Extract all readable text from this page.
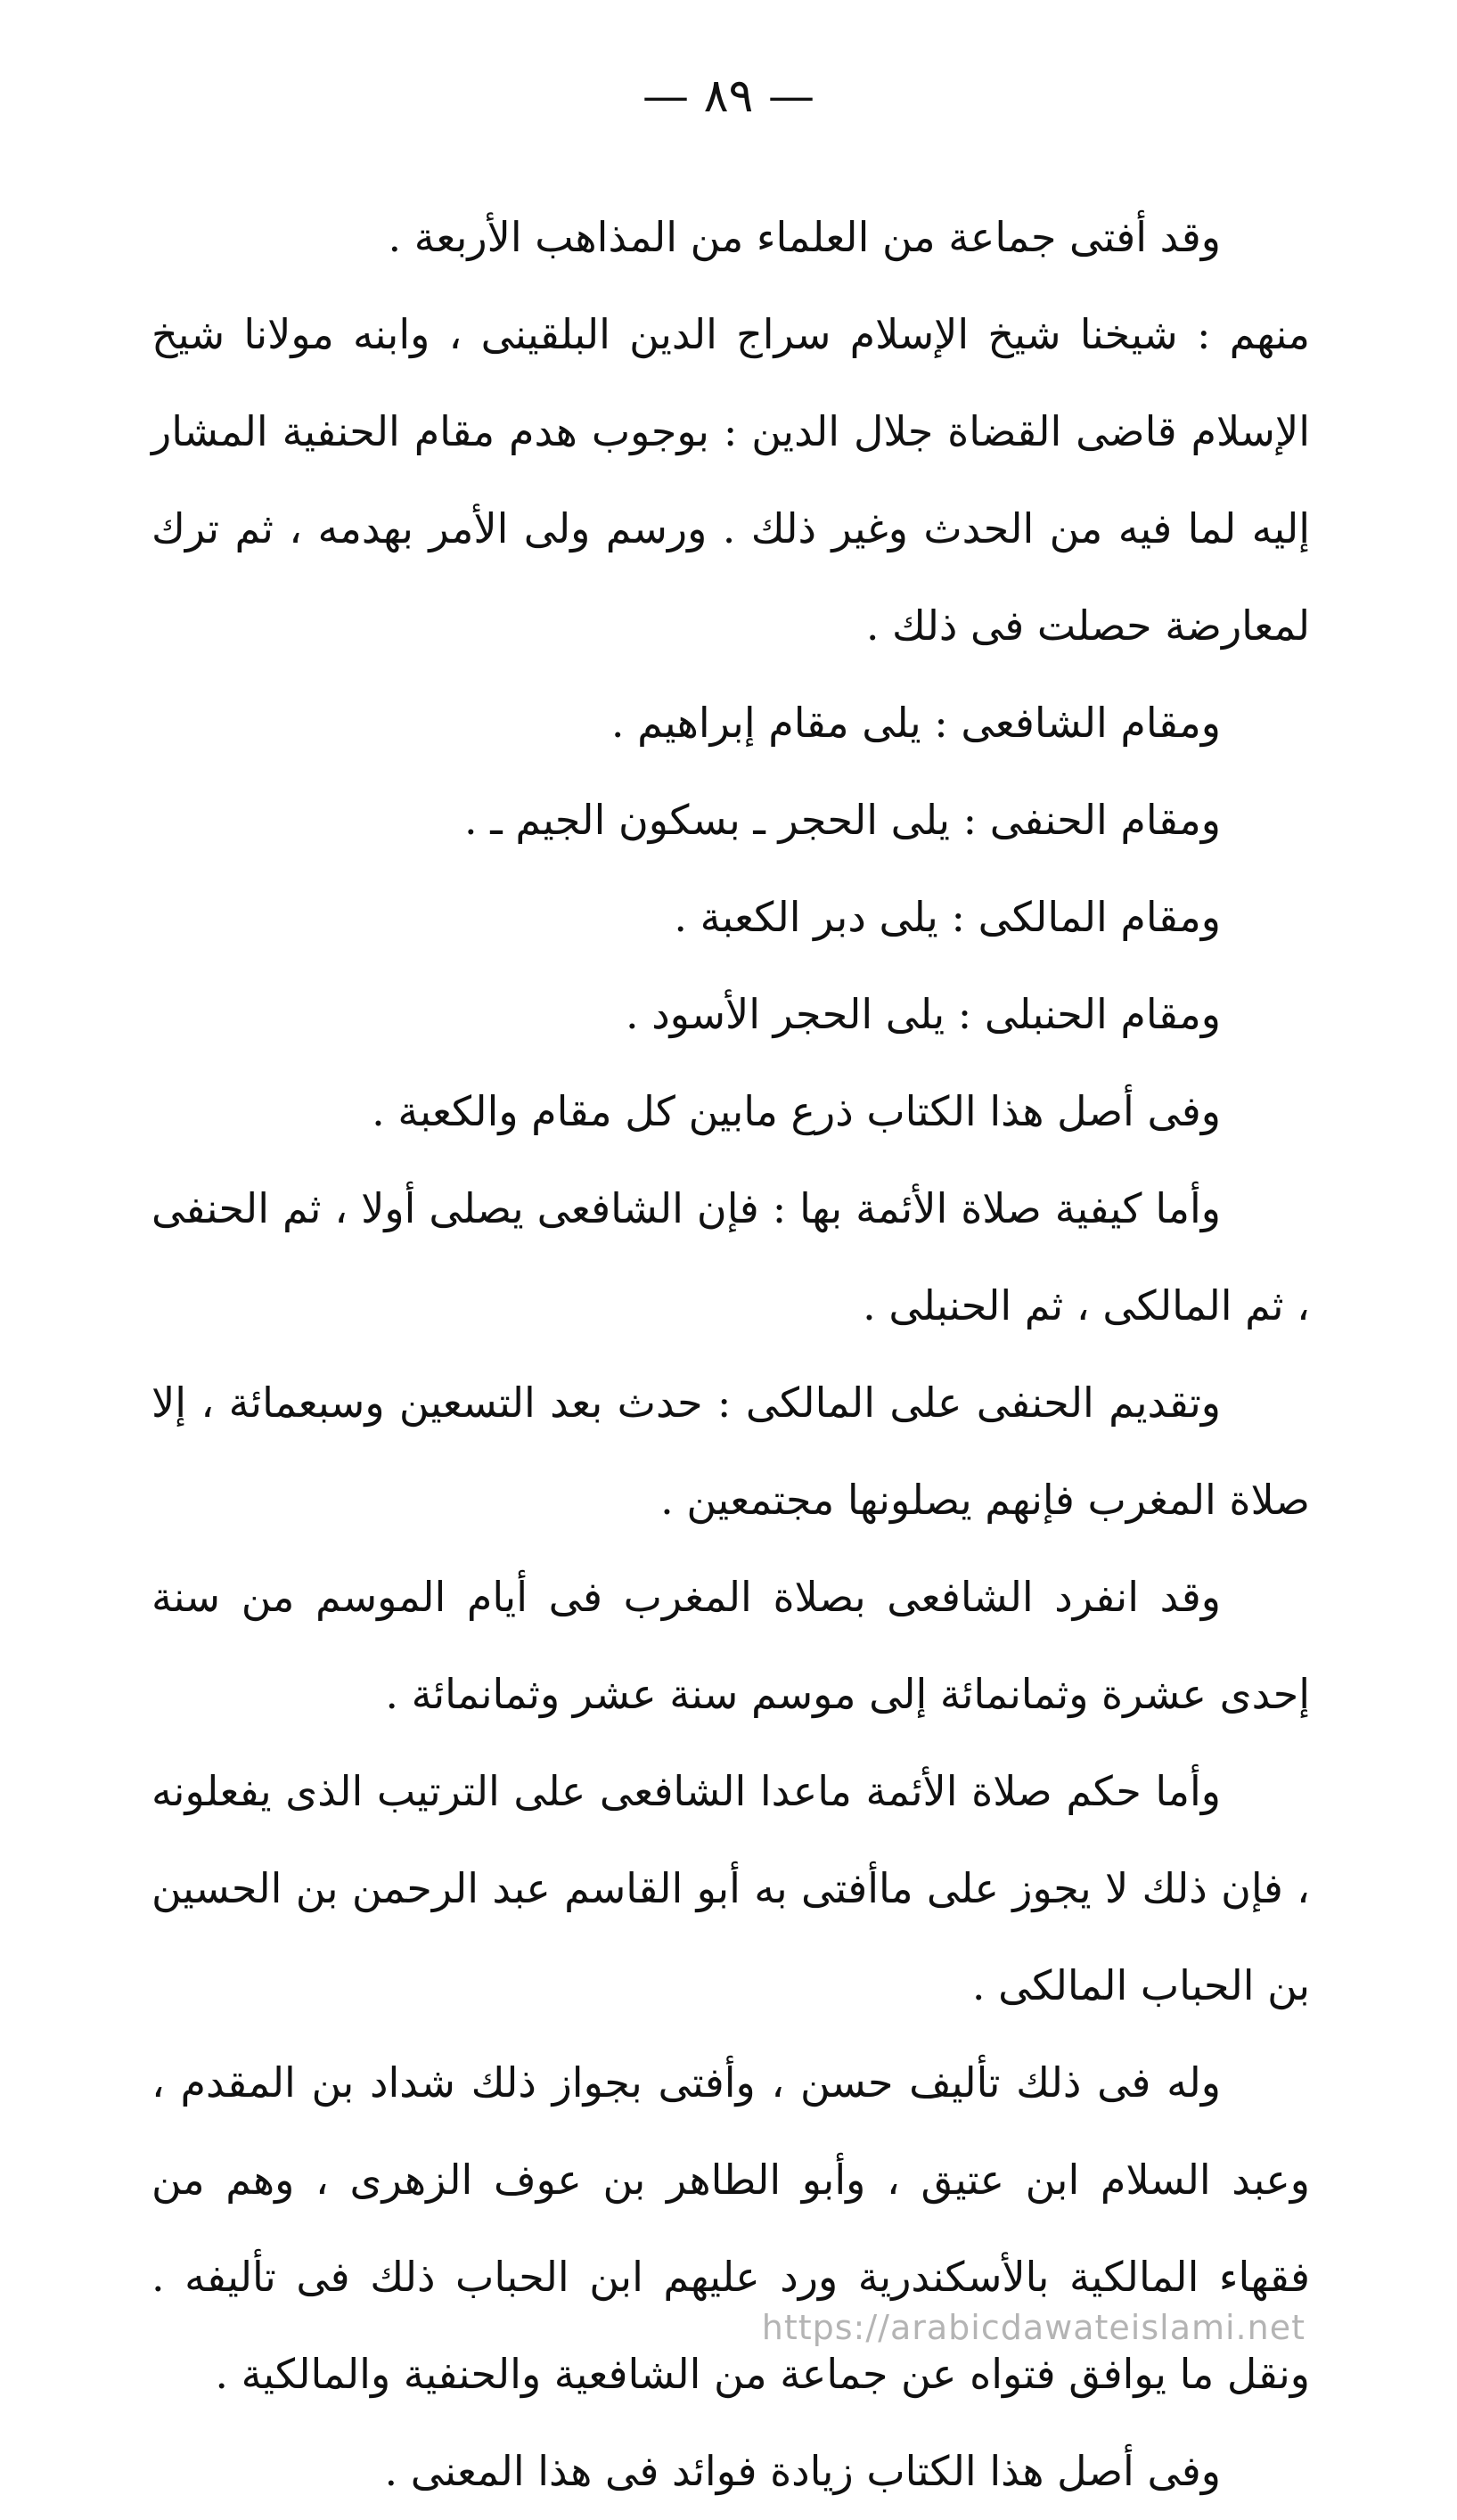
— ٨٩ —

وقد أفتى جماعة من العلماء من المذاهب الأربعة .

منهم : شيخنا شيخ الإسلام سراج الدين البلقينى ، وابنه مولانا شيخ الإسلام قاضى القضاة جلال الدين : بوجوب هدم مقام الحنفية المشار إليه لما فيه من الحدث وغير ذلك . ورسم ولى الأمر بهدمه ، ثم ترك لمعارضة حصلت فى ذلك .

ومقام الشافعى : يلى مقام إبراهيم .

ومقام الحنفى : يلى الحجر ـ بسكون الجيم ـ .

ومقام المالكى : يلى دبر الكعبة .

ومقام الحنبلى : يلى الحجر الأسود .

وفى أصل هذا الكتاب ذرع مابين كل مقام والكعبة .

وأما كيفية صلاة الأئمة بها : فإن الشافعى يصلى أولا ، ثم الحنفى ، ثم المالكى ، ثم الحنبلى .

وتقديم الحنفى على المالكى : حدث بعد التسعين وسبعمائة ، إلا صلاة المغرب فإنهم يصلونها مجتمعين .

وقد انفرد الشافعى بصلاة المغرب فى أيام الموسم من سنة إحدى عشرة وثمانمائة إلى موسم سنة عشر وثمانمائة .

وأما حكم صلاة الأئمة ماعدا الشافعى على الترتيب الذى يفعلونه ، فإن ذلك لا يجوز على ماأفتى به أبو القاسم عبد الرحمن بن الحسين بن الحباب المالكى .

وله فى ذلك تأليف حسن ، وأفتى بجواز ذلك شداد بن المقدم ، وعبد السلام ابن عتيق ، وأبو الطاهر بن عوف الزهرى ، وهم من فقهاء المالكية بالأسكندرية ورد عليهم ابن الحباب ذلك فى تأليفه . ونقل ما يوافق فتواه عن جماعة من الشافعية والحنفية والمالكية .

وفى أصل هذا الكتاب زيادة فوائد فى هذا المعنى .

https://arabicdawateislami.net
